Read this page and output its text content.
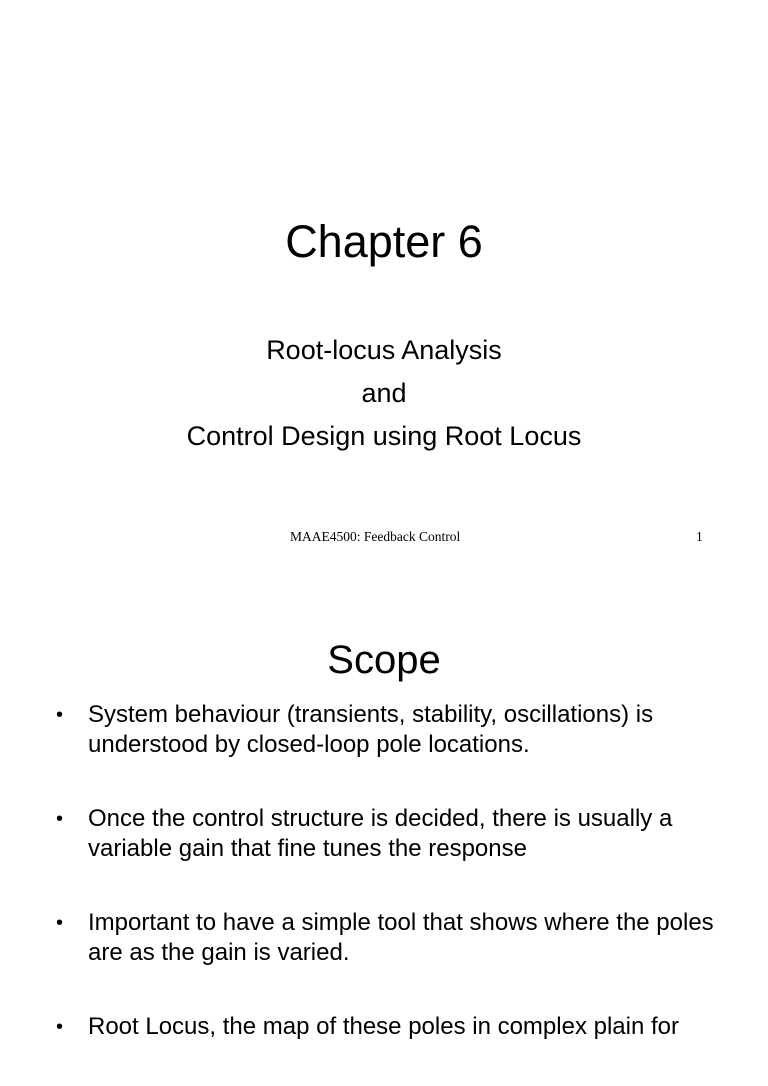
Chapter 6
Root-locus Analysis
and
Control Design using Root Locus
MAAE4500: Feedback Control	1
Scope
• System behaviour (transients, stability, oscillations) is understood by closed-loop pole locations.
• Once the control structure is decided, there is usually a variable gain that fine tunes the response
• Important to have a simple tool that shows where the poles are as the gain is varied.
• Root Locus, the map of these poles in complex plain for
